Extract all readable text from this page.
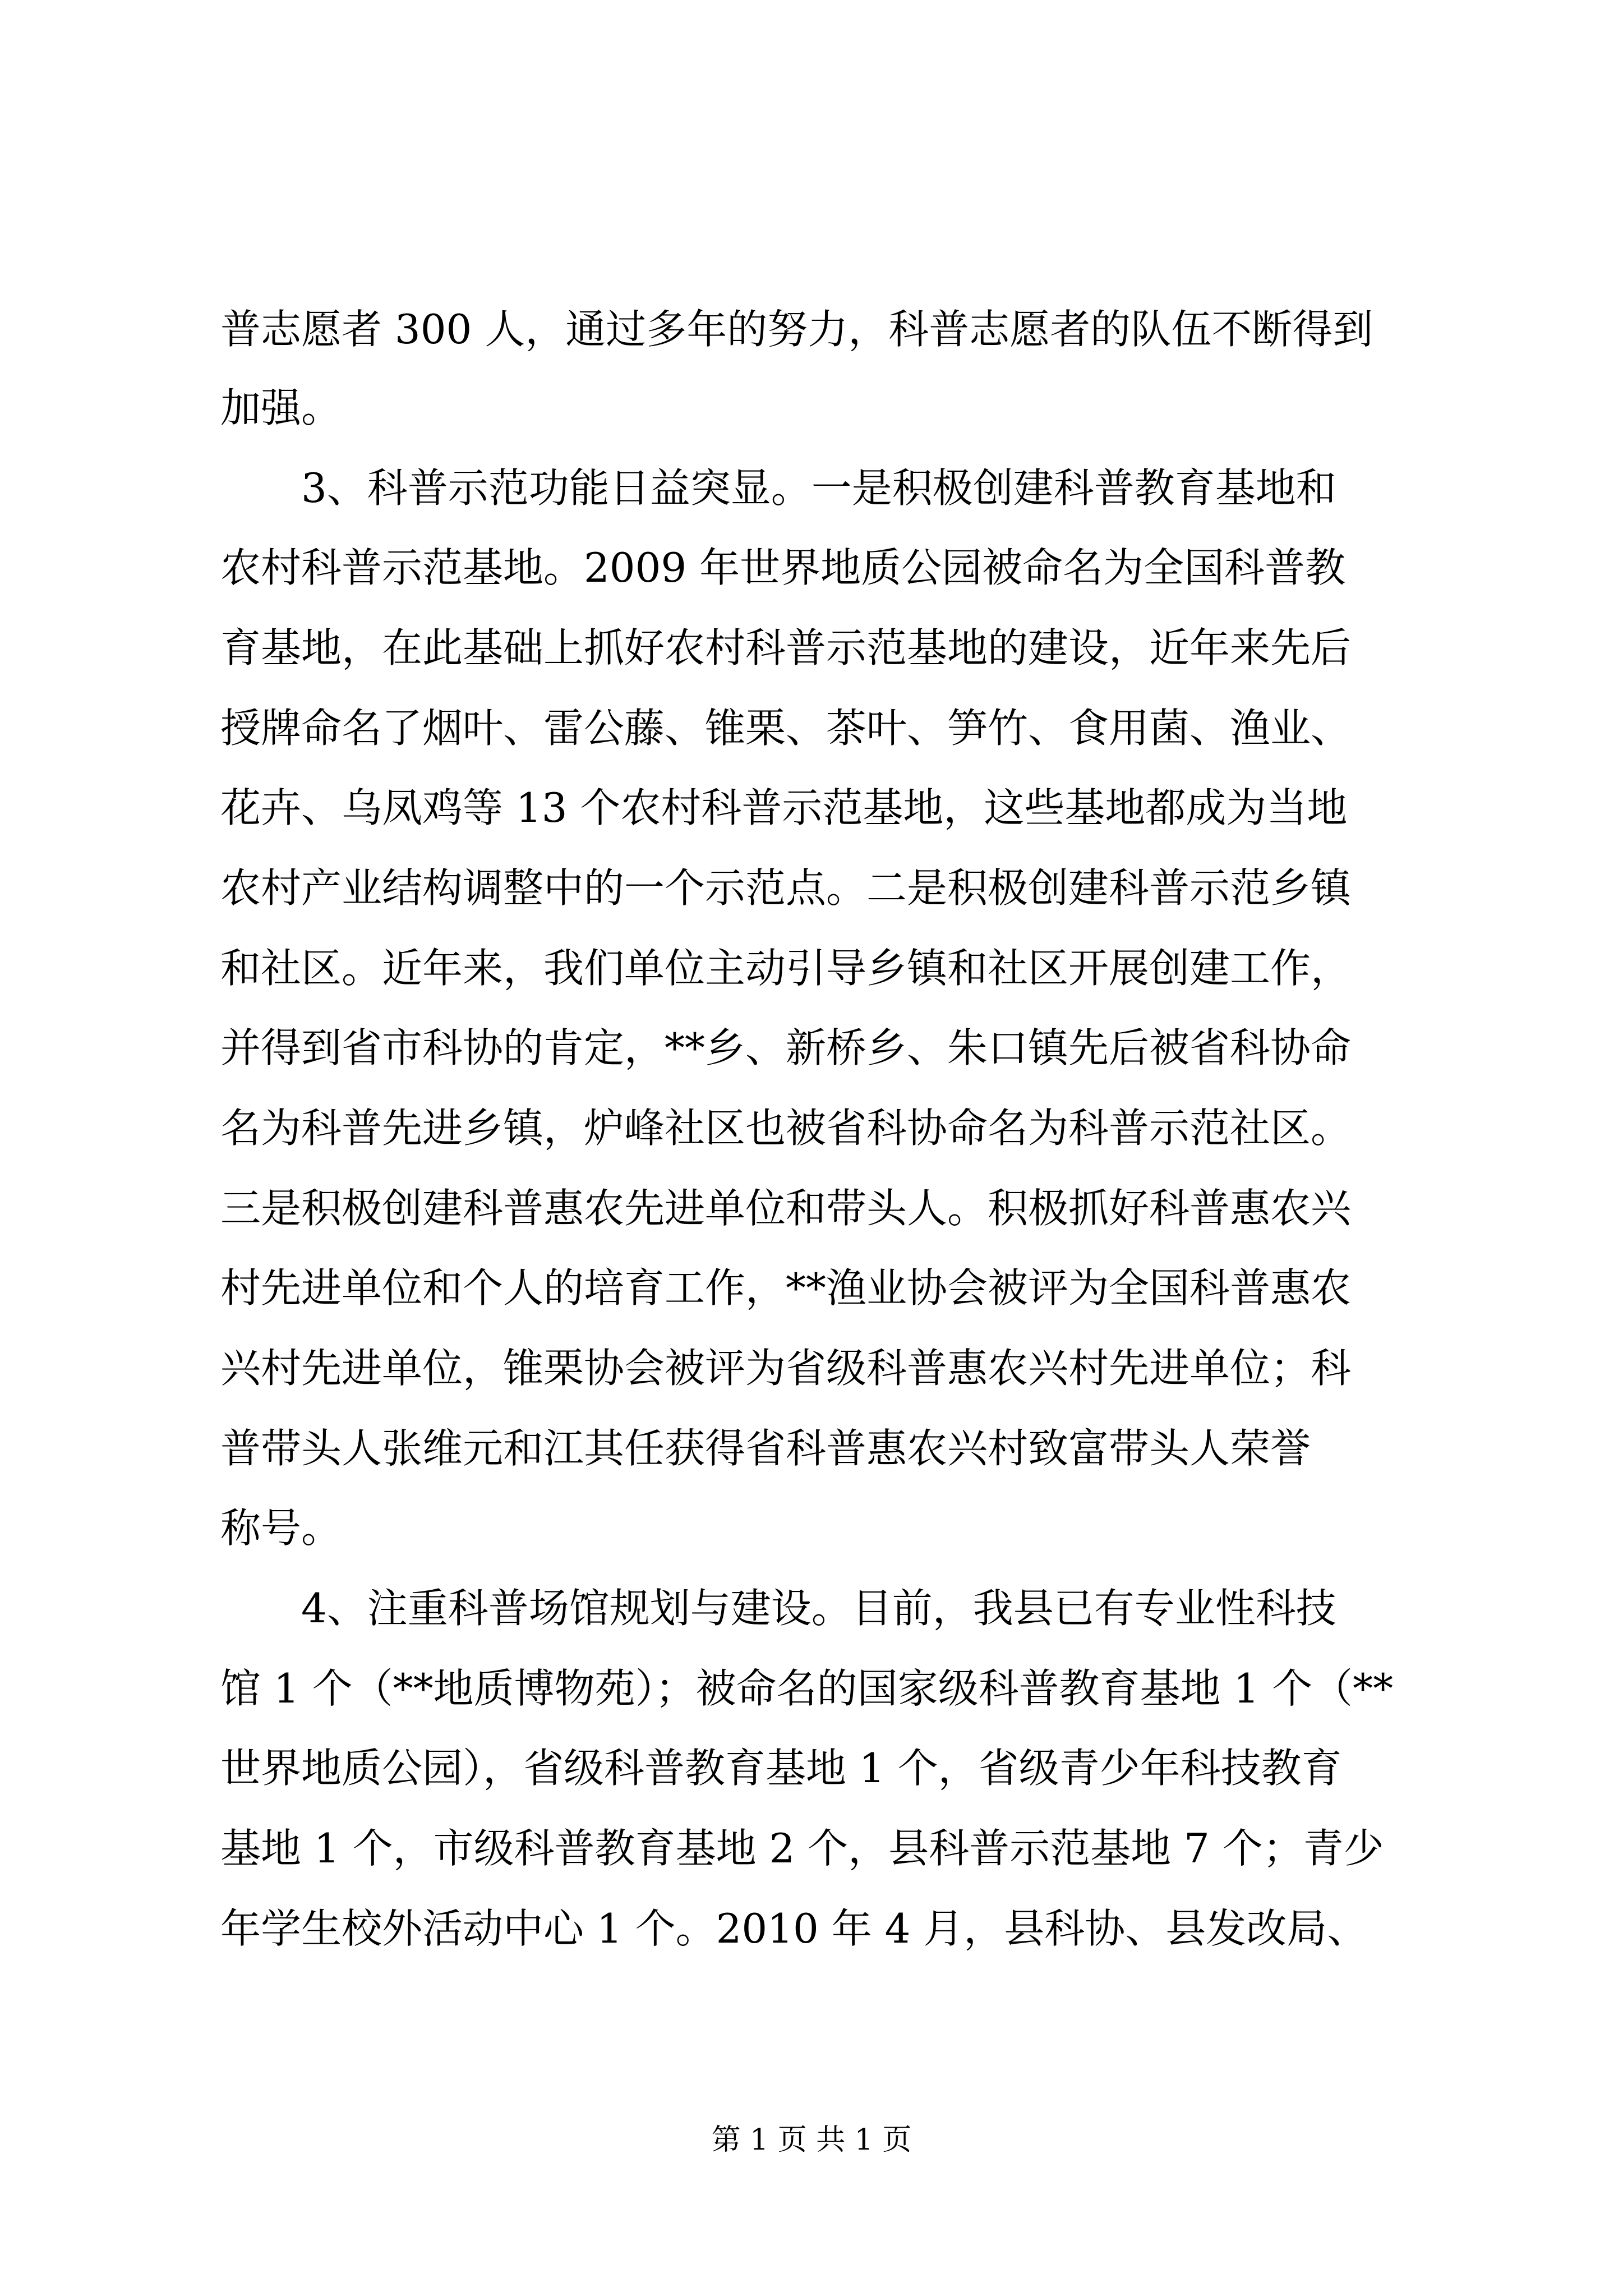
普志愿者 300 人，通过多年的努力，科普志愿者的队伍不断得到
加强。
　　3、科普示范功能日益突显。一是积极创建科普教育基地和
农村科普示范基地。2009 年世界地质公园被命名为全国科普教
育基地，在此基础上抓好农村科普示范基地的建设，近年来先后
授牌命名了烟叶、雷公藤、锥栗、茶叶、笋竹、食用菌、渔业、
花卉、乌凤鸡等 13 个农村科普示范基地，这些基地都成为当地
农村产业结构调整中的一个示范点。二是积极创建科普示范乡镇
和社区。近年来，我们单位主动引导乡镇和社区开展创建工作，
并得到省市科协的肯定，**乡、新桥乡、朱口镇先后被省科协命
名为科普先进乡镇，炉峰社区也被省科协命名为科普示范社区。
三是积极创建科普惠农先进单位和带头人。积极抓好科普惠农兴
村先进单位和个人的培育工作，**渔业协会被评为全国科普惠农
兴村先进单位，锥栗协会被评为省级科普惠农兴村先进单位；科
普带头人张维元和江其任获得省科普惠农兴村致富带头人荣誉
称号。
　　4、注重科普场馆规划与建设。目前，我县已有专业性科技
馆 1 个（**地质博物苑）；被命名的国家级科普教育基地 1 个（**
世界地质公园），省级科普教育基地 1 个，省级青少年科技教育
基地 1 个，市级科普教育基地 2 个，县科普示范基地 7 个；青少
年学生校外活动中心 1 个。2010 年 4 月，县科协、县发改局、
第 1 页 共 1 页
